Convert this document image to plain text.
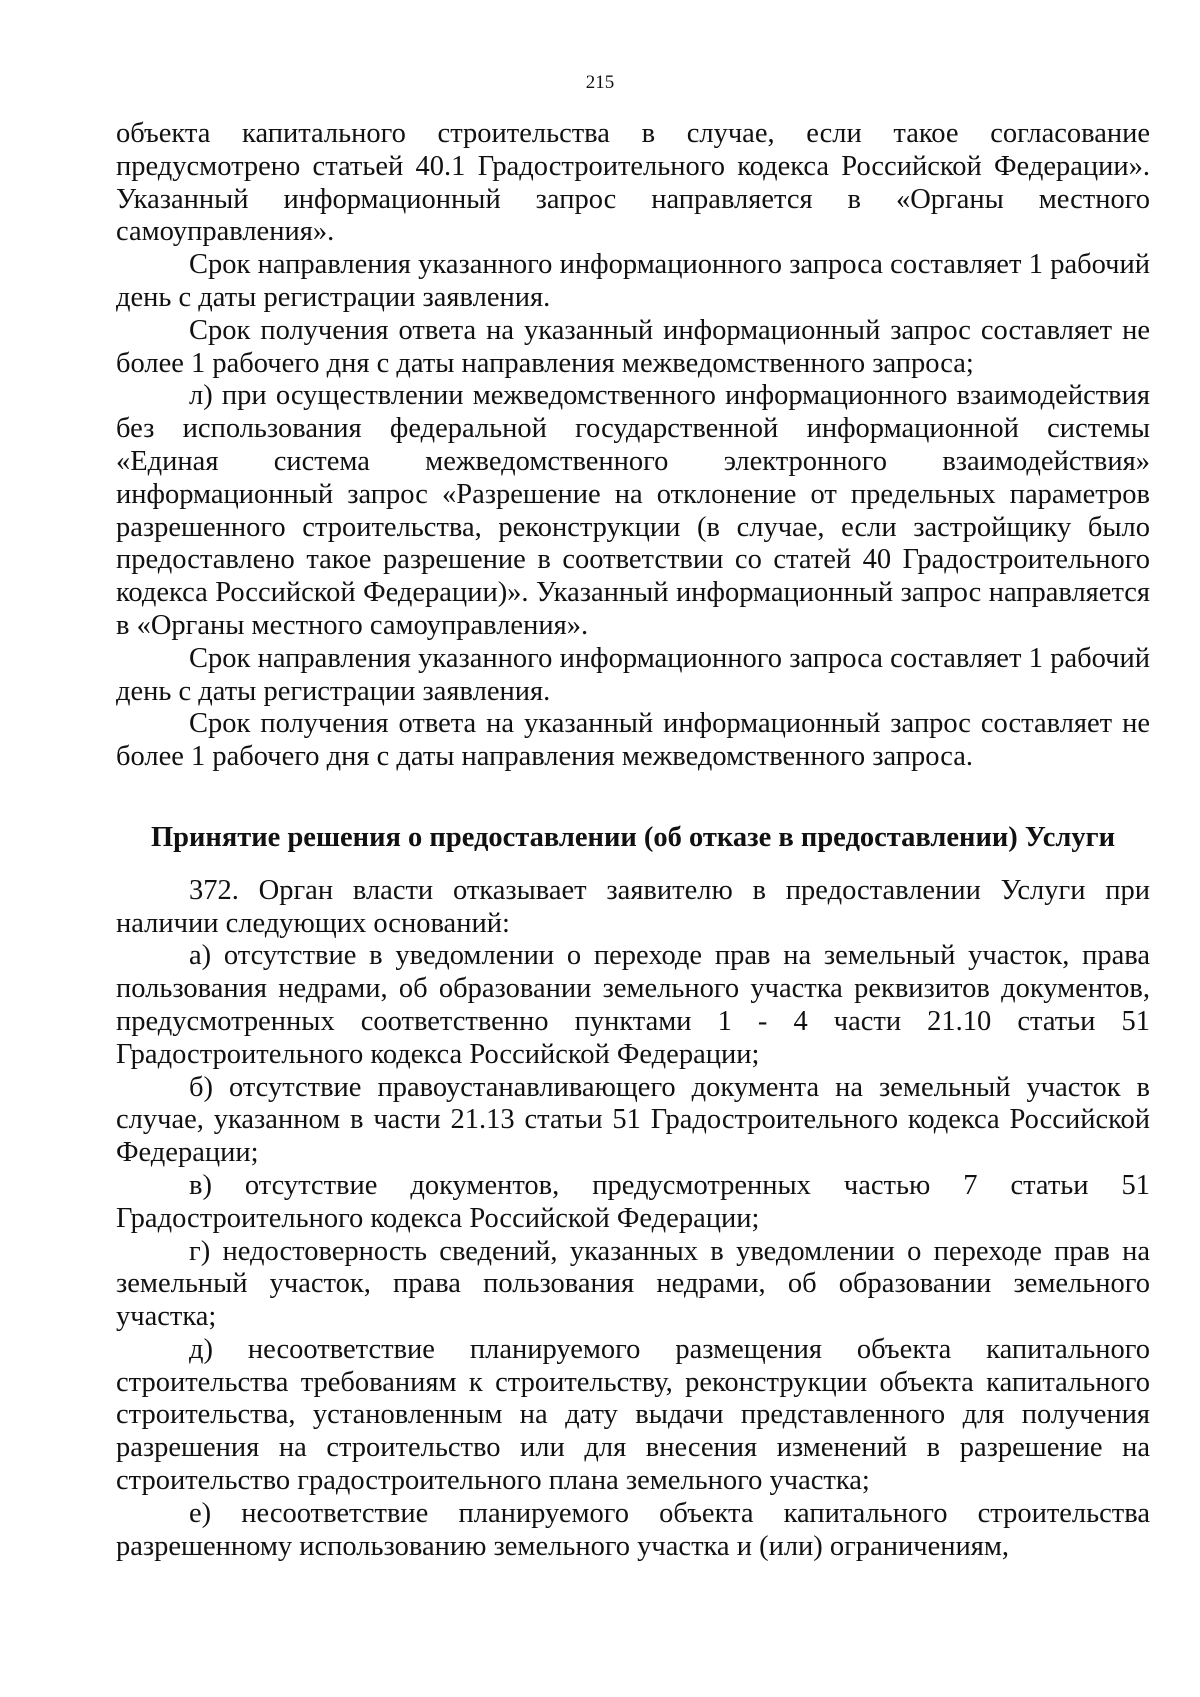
215

объекта капитального строительства в случае, если такое согласование предусмотрено статьей 40.1 Градостроительного кодекса Российской Федерации». Указанный информационный запрос направляется в «Органы местного самоуправления».

Срок направления указанного информационного запроса составляет 1 рабочий день с даты регистрации заявления.

Срок получения ответа на указанный информационный запрос составляет не более 1 рабочего дня с даты направления межведомственного запроса;

л) при осуществлении межведомственного информационного взаимодействия без использования федеральной государственной информационной системы «Единая система межведомственного электронного взаимодействия» информационный запрос «Разрешение на отклонение от предельных параметров разрешенного строительства, реконструкции (в случае, если застройщику было предоставлено такое разрешение в соответствии со статей 40 Градостроительного кодекса Российской Федерации)». Указанный информационный запрос направляется в «Органы местного самоуправления».

Срок направления указанного информационного запроса составляет 1 рабочий день с даты регистрации заявления.

Срок получения ответа на указанный информационный запрос составляет не более 1 рабочего дня с даты направления межведомственного запроса.

Принятие решения о предоставлении (об отказе в предоставлении) Услуги

372. Орган власти отказывает заявителю в предоставлении Услуги при наличии следующих оснований:

а) отсутствие в уведомлении о переходе прав на земельный участок, права пользования недрами, об образовании земельного участка реквизитов документов, предусмотренных соответственно пунктами 1 - 4 части 21.10 статьи 51 Градостроительного кодекса Российской Федерации;

б) отсутствие правоустанавливающего документа на земельный участок в случае, указанном в части 21.13 статьи 51 Градостроительного кодекса Российской Федерации;

в) отсутствие документов, предусмотренных частью 7 статьи 51 Градостроительного кодекса Российской Федерации;

г) недостоверность сведений, указанных в уведомлении о переходе прав на земельный участок, права пользования недрами, об образовании земельного участка;

д) несоответствие планируемого размещения объекта капитального строительства требованиям к строительству, реконструкции объекта капитального строительства, установленным на дату выдачи представленного для получения разрешения на строительство или для внесения изменений в разрешение на строительство градостроительного плана земельного участка;

е) несоответствие планируемого объекта капитального строительства разрешенному использованию земельного участка и (или) ограничениям,
